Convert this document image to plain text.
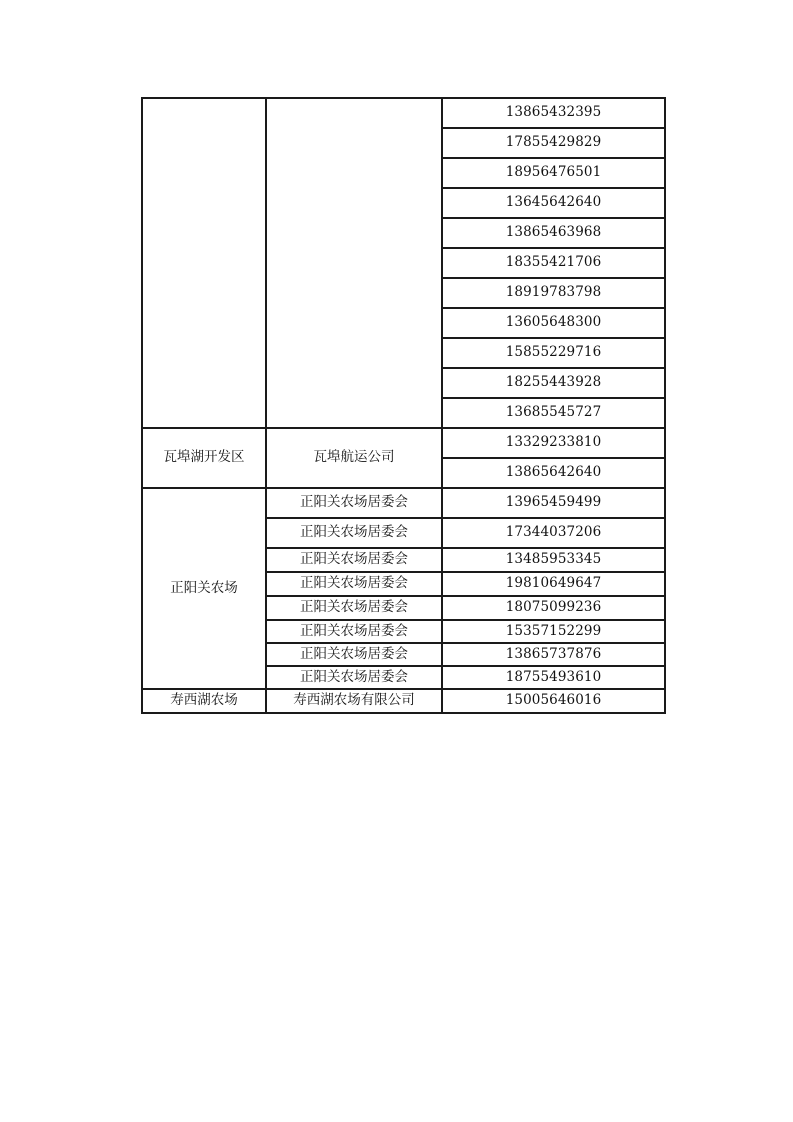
		13865432395
		17855429829
		18956476501
		13645642640
		13865463968
		18355421706
		18919783798
		13605648300
		15855229716
		18255443928
		13685545727
瓦埠湖开发区	瓦埠航运公司	13329233810
		13865642640
正阳关农场	正阳关农场居委会	13965459499
	正阳关农场居委会	17344037206
	正阳关农场居委会	13485953345
	正阳关农场居委会	19810649647
	正阳关农场居委会	18075099236
	正阳关农场居委会	15357152299
	正阳关农场居委会	13865737876
	正阳关农场居委会	18755493610
寿西湖农场	寿西湖农场有限公司	15005646016
